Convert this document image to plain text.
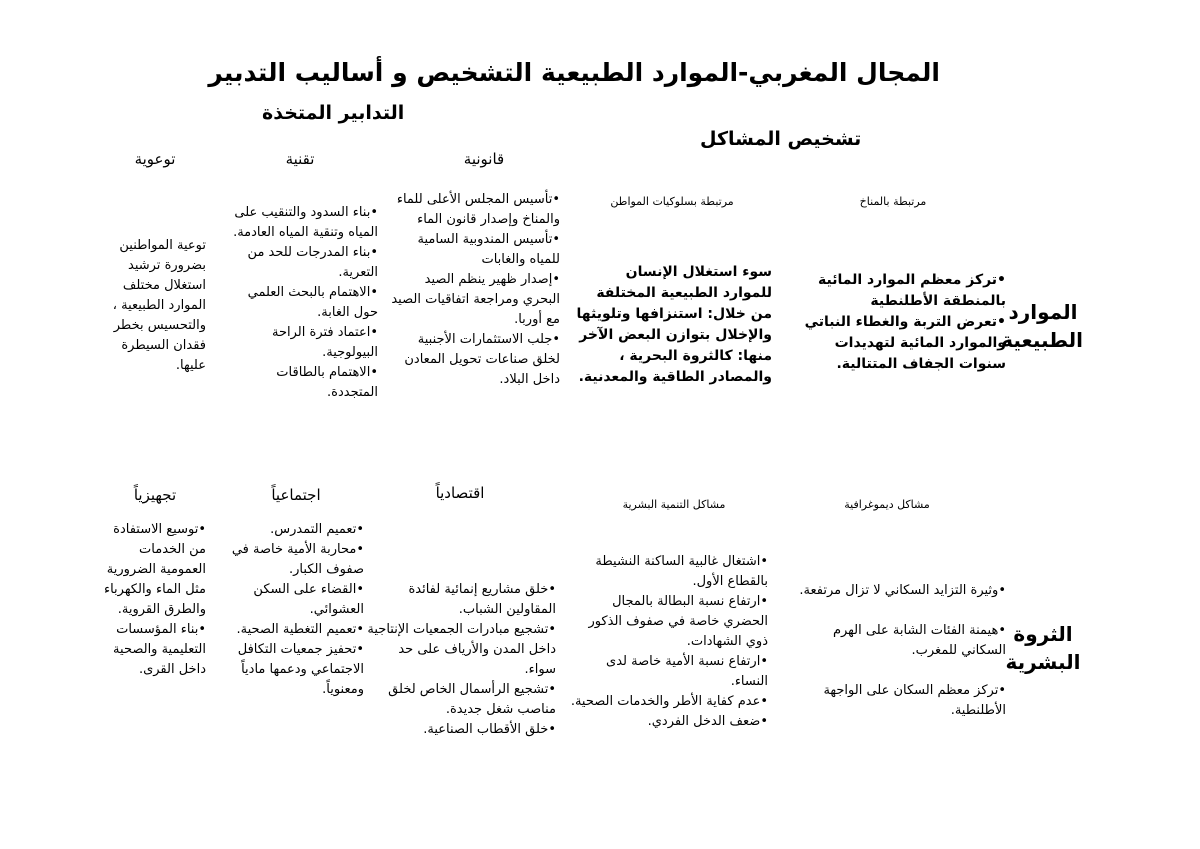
المجال المغربي-الموارد الطبيعية التشخيص و أساليب التدبير
التدابير المتخذة
تشخيص المشاكل
الموارد الطبيعية
قانونية
تقنية
توعوية
مرتبطة بالمناخ
مرتبطة بسلوكيات المواطن

•تركز معظم الموارد المائية بالمنطقة الأطلنطية

•تعرض التربة والغطاء النباتي والموارد المائية لتهديدات سنوات الجفاف المتتالية.

سوء استغلال الإنسان للموارد الطبيعية المختلفة من خلال: استنزافها وتلويثها والإخلال بتوازن البعض الآخر منها: كالثروة البحرية ، والمصادر الطاقية والمعدنية.

•تأسيس المجلس الأعلى للماء والمناخ وإصدار قانون الماء

•تأسيس المندوبية السامية للمياه والغابات

•إصدار ظهير ينظم الصيد البحري ومراجعة اتفاقيات الصيد مع أوربا.

•جلب الاستثمارات الأجنبية لخلق صناعات تحويل المعادن داخل البلاد.

•بناء السدود والتنقيب على المياه وتنقية المياه العادمة.

•بناء المدرجات للحد من التعرية.

•الاهتمام بالبحث العلمي حول الغابة.

•اعتماد فترة الراحة البيولوجية.

•الاهتمام بالطاقات المتجددة.

توعية المواطنين بضرورة ترشيد استغلال مختلف الموارد الطبيعية ، والتحسيس بخطر فقدان السيطرة عليها.
الثروة البشرية
اقتصادياً
اجتماعياً
تجهيزياً
مشاكل ديموغرافية
مشاكل التنمية البشرية

•وثيرة التزايد السكاني لا تزال مرتفعة.

•هيمنة الفئات الشابة على الهرم السكاني للمغرب.

•تركز معظم السكان على الواجهة الأطلنطية.

•اشتغال غالبية الساكنة النشيطة بالقطاع الأول.

•ارتفاع نسبة البطالة بالمجال الحضري خاصة في صفوف الذكور ذوي الشهادات.

•ارتفاع نسبة الأمية خاصة لدى النساء.

•عدم كفاية الأطر والخدمات الصحية.

•ضعف الدخل الفردي.

•خلق مشاريع إنمائية لفائدة المقاولين الشباب.

•تشجيع مبادرات الجمعيات الإنتاجية داخل المدن والأرياف على حد سواء.

•تشجيع الرأسمال الخاص لخلق مناصب شغل جديدة.

•خلق الأقطاب الصناعية.

•تعميم التمدرس.

•محاربة الأمية خاصة في صفوف الكبار.

•القضاء على السكن العشوائي.

•تعميم التغطية الصحية.

•تحفيز جمعيات التكافل الاجتماعي ودعمها مادياً ومعنوياً.

•توسيع الاستفادة من الخدمات العمومية الضرورية مثل الماء والكهرباء والطرق القروية.

•بناء المؤسسات التعليمية والصحية داخل القرى.
